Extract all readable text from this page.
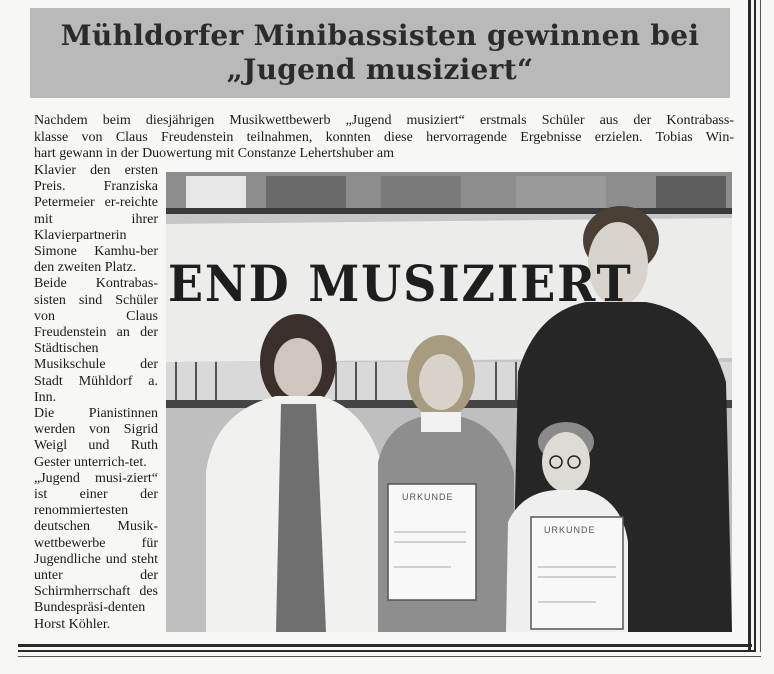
Mühldorfer Minibassisten gewinnen bei
„Jugend musiziert“
Nachdem beim diesjährigen Musikwettbewerb „Jugend musiziert“ erstmals Schüler aus der Kontrabass-
klasse von Claus Freudenstein teilnahmen, konnten diese hervorragende Ergebnisse erzielen. Tobias Win-
hart gewann in der Duowertung mit Constanze Lehertshuber am

Klavier den ersten Preis. Franziska Petermeier er-reichte mit ihrer Klavierpartnerin Simone Kamhu-ber den zweiten Platz.

Beide Kontrabas-sisten sind Schüler von Claus Freudenstein an der Städtischen Musikschule der Stadt Mühldorf a. Inn.

Die Pianistinnen werden von Sigrid Weigl und Ruth Gester unterrich-tet.

„Jugend musi-ziert“ ist einer der renommiertesten deutschen Musik-wettbewerbe für Jugendliche und steht unter der Schirmherrschaft des Bundespräsi-denten Horst Köhler.

END MUSIZIERT
URKUNDE
URKUNDE
